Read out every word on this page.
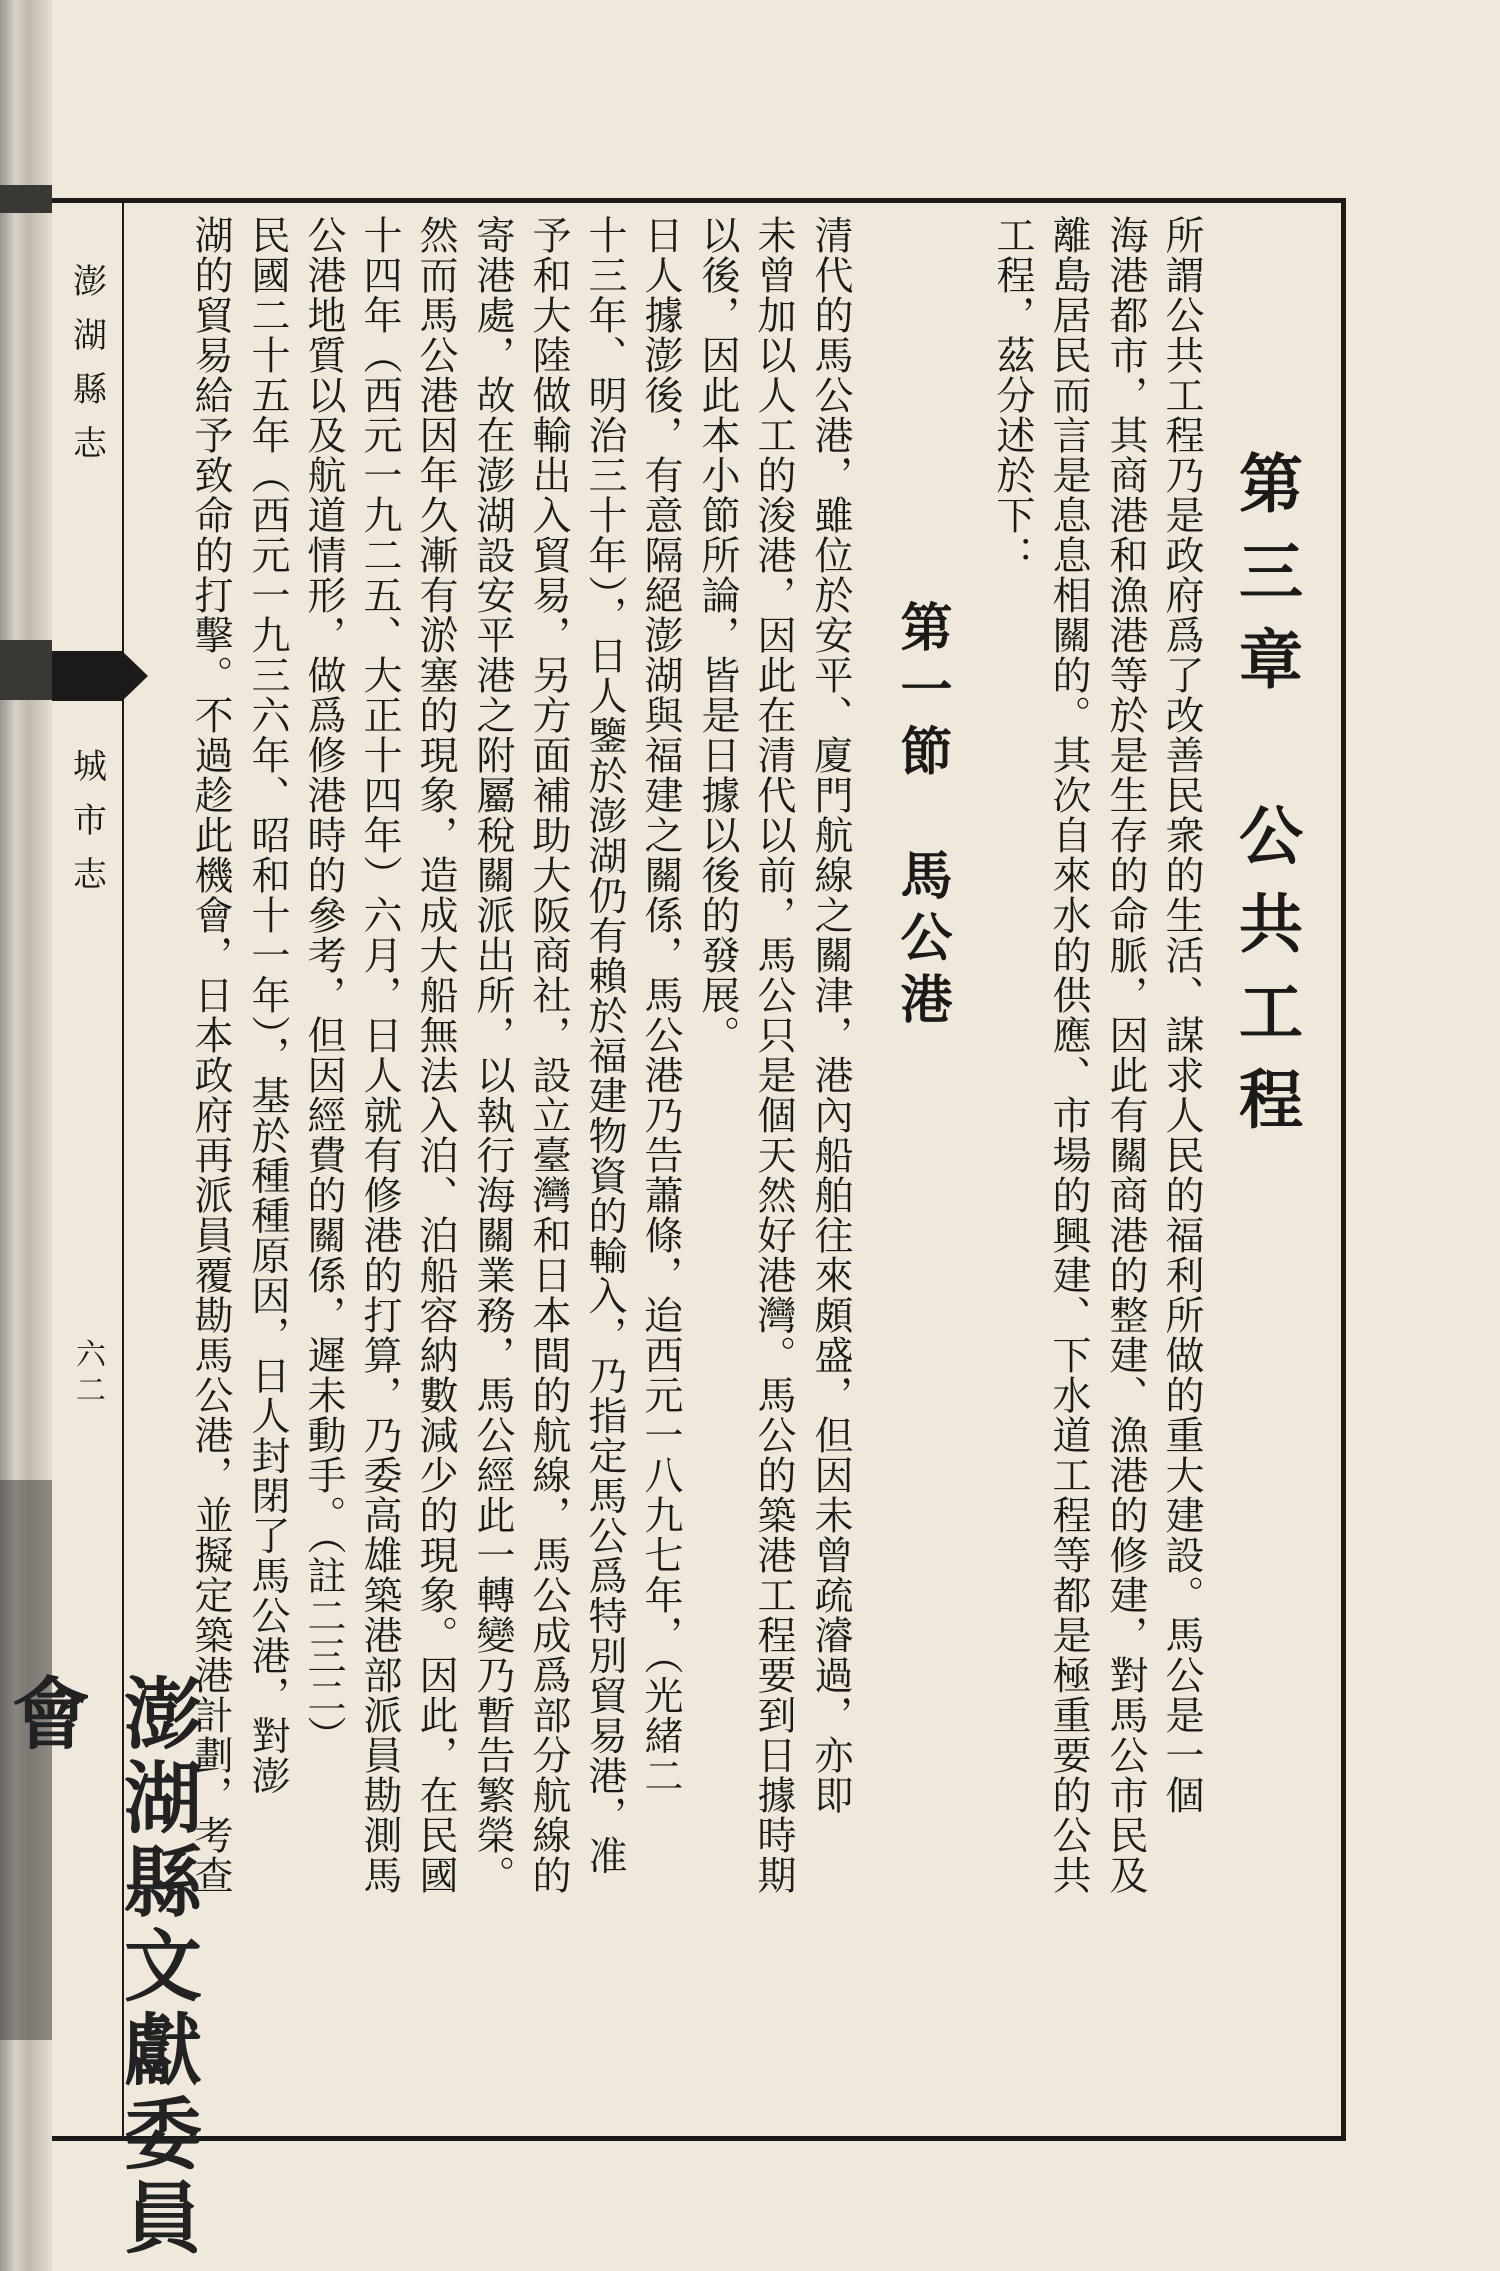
澎湖縣志
城市志
六二
澎湖縣文獻委員
第三章　公共工程
所謂公共工程乃是政府爲了改善民衆的生活、謀求人民的福利所做的重大建設。馬公是一個
海港都市，其商港和漁港等於是生存的命脈，因此有關商港的整建、漁港的修建，對馬公市民及
離島居民而言是息息相關的。其次自來水的供應、市場的興建、下水道工程等都是極重要的公共
工程，茲分述於下：
第一節　馬公港
清代的馬公港，雖位於安平、廈門航線之關津，港內船舶往來頗盛，但因未曾疏濬過，亦即
未曾加以人工的浚港，因此在清代以前，馬公只是個天然好港灣。馬公的築港工程要到日據時期
以後，因此本小節所論，皆是日據以後的發展。
日人據澎後，有意隔絕澎湖與福建之關係，馬公港乃告蕭條，迨西元一八九七年，（光緒二
十三年、明治三十年），日人鑒於澎湖仍有賴於福建物資的輸入，乃指定馬公爲特別貿易港，准
予和大陸做輸出入貿易，另方面補助大阪商社，設立臺灣和日本間的航線，馬公成爲部分航線的
寄港處，故在澎湖設安平港之附屬稅關派出所，以執行海關業務，馬公經此一轉變乃暫告繁榮。
然而馬公港因年久漸有淤塞的現象，造成大船無法入泊、泊船容納數減少的現象。因此，在民國
十四年（西元一九二五、大正十四年）六月，日人就有修港的打算，乃委高雄築港部派員勘測馬
公港地質以及航道情形，做爲修港時的參考，但因經費的關係，遲未動手。（註二三二）
民國二十五年（西元一九三六年、昭和十一年），基於種種原因，日人封閉了馬公港，對澎
湖的貿易給予致命的打擊。不過趁此機會，日本政府再派員覆勘馬公港，並擬定築港計劃，考查
